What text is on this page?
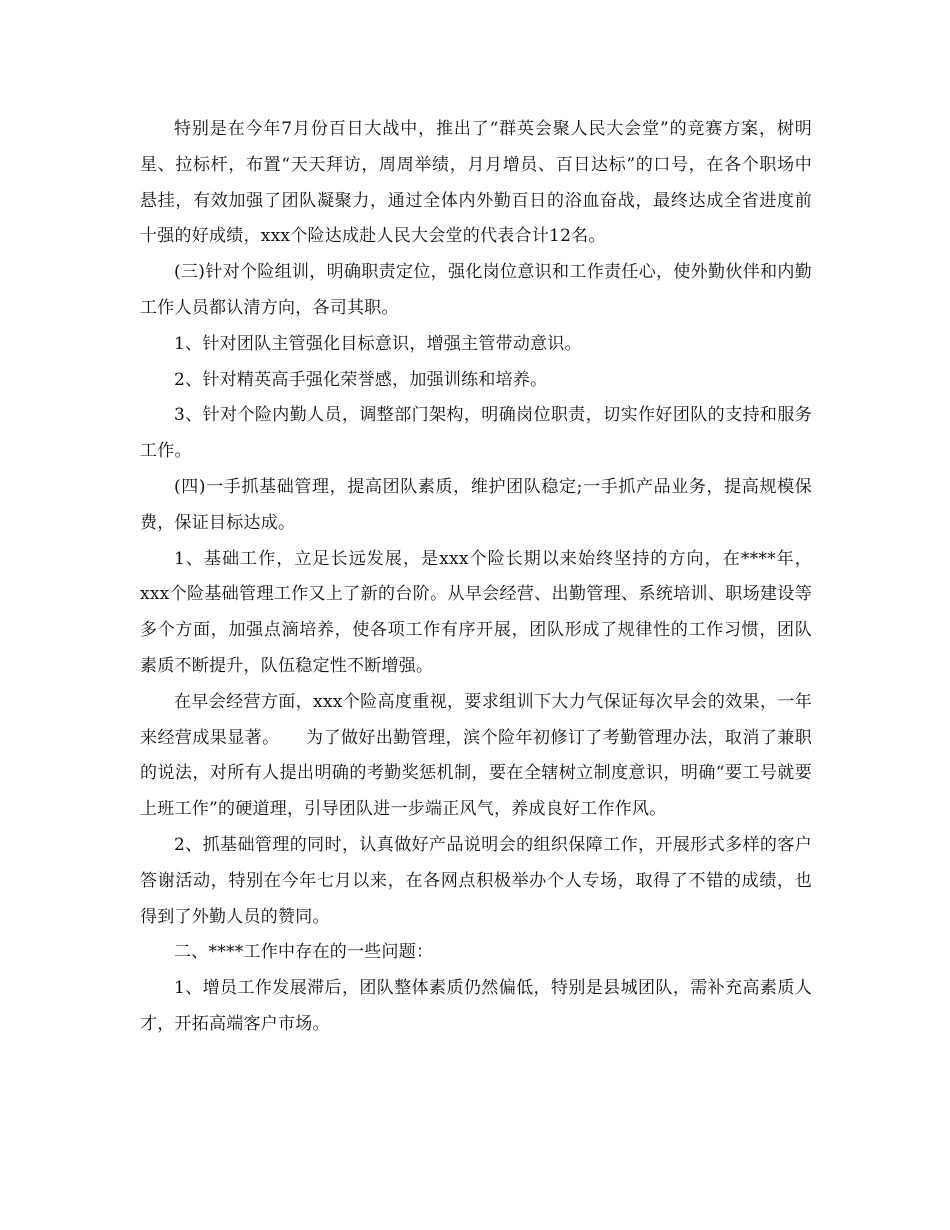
特别是在今年7月份百日大战中，推出了“群英会聚人民大会堂”的竞赛方案，树明星、拉标杆，布置“天天拜访，周周举绩，月月增员、百日达标”的口号，在各个职场中悬挂，有效加强了团队凝聚力，通过全体内外勤百日的浴血奋战，最终达成全省进度前十强的好成绩，xxx个险达成赴人民大会堂的代表合计12名。

(三)针对个险组训，明确职责定位，强化岗位意识和工作责任心，使外勤伙伴和内勤工作人员都认清方向，各司其职。

1、针对团队主管强化目标意识，增强主管带动意识。

2、针对精英高手强化荣誉感，加强训练和培养。

3、针对个险内勤人员，调整部门架构，明确岗位职责，切实作好团队的支持和服务工作。

(四)一手抓基础管理，提高团队素质，维护团队稳定;一手抓产品业务，提高规模保费，保证目标达成。

1、基础工作，立足长远发展，是xxx个险长期以来始终坚持的方向，在****年，xxx个险基础管理工作又上了新的台阶。从早会经营、出勤管理、系统培训、职场建设等多个方面，加强点滴培养，使各项工作有序开展，团队形成了规律性的工作习惯，团队素质不断提升，队伍稳定性不断增强。

在早会经营方面，xxx个险高度重视，要求组训下大力气保证每次早会的效果，一年来经营成果显著。　　为了做好出勤管理，滨个险年初修订了考勤管理办法，取消了兼职的说法，对所有人提出明确的考勤奖惩机制，要在全辖树立制度意识，明确“要工号就要上班工作”的硬道理，引导团队进一步端正风气，养成良好工作作风。

2、抓基础管理的同时，认真做好产品说明会的组织保障工作，开展形式多样的客户答谢活动，特别在今年七月以来，在各网点积极举办个人专场，取得了不错的成绩，也得到了外勤人员的赞同。

二、****工作中存在的一些问题：

1、增员工作发展滞后，团队整体素质仍然偏低，特别是县城团队，需补充高素质人才，开拓高端客户市场。
